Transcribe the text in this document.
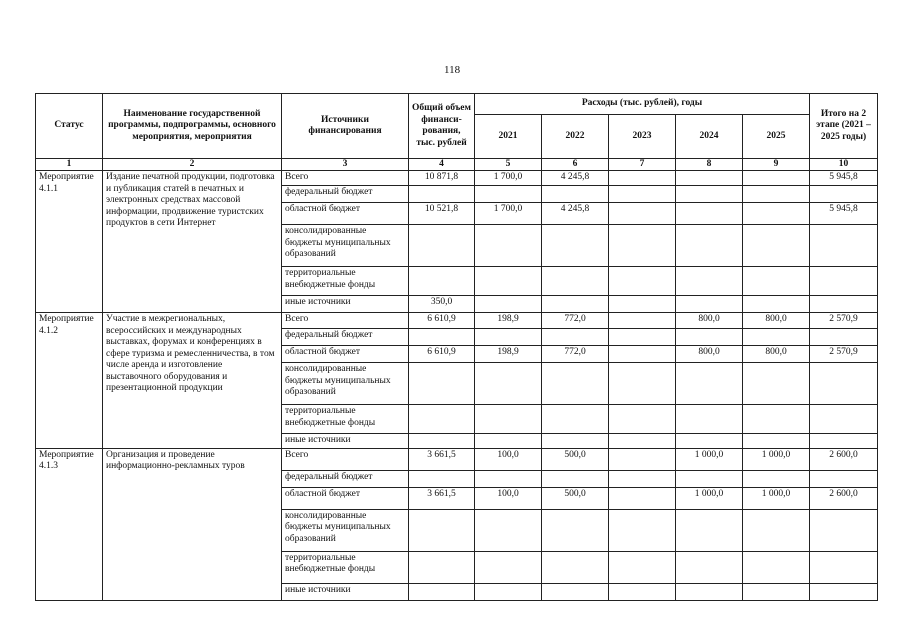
118
Статус	Наименование государственной программы, подпрограммы, основного мероприятия, мероприятия	Источники финансирования	Общий объем финанси-рования, тыс. рублей	Расходы (тыс. рублей), годы					Итого на 2 этапе (2021 – 2025 годы)
				2021	2022	2023	2024	2025	
1	2	3	4	5	6	7	8	9	10
Мероприятие 4.1.1	Издание печатной продукции, подготовка и публикация статей в печатных и электронных средствах массовой информации, продвижение туристских продуктов в сети Интернет	Всего	10 871,8	1 700,0	4 245,8				5 945,8
		федеральный бюджет							
		областной бюджет	10 521,8	1 700,0	4 245,8				5 945,8
		консолидированные бюджеты муниципальных образований							
		территориальные внебюджетные фонды							
		иные источники	350,0						
Мероприятие 4.1.2	Участие в межрегиональных, всероссийских и международных выставках, форумах и конференциях в сфере туризма и ремесленничества, в том числе аренда и изготовление выставочного оборудования и презентационной продукции	Всего	6 610,9	198,9	772,0		800,0	800,0	2 570,9
		федеральный бюджет							
		областной бюджет	6 610,9	198,9	772,0		800,0	800,0	2 570,9
		консолидированные бюджеты муниципальных образований							
		территориальные внебюджетные фонды							
		иные источники							
Мероприятие 4.1.3	Организация и проведение информационно-рекламных туров	Всего	3 661,5	100,0	500,0		1 000,0	1 000,0	2 600,0
		федеральный бюджет							
		областной бюджет	3 661,5	100,0	500,0		1 000,0	1 000,0	2 600,0
		консолидированные бюджеты муниципальных образований							
		территориальные внебюджетные фонды							
		иные источники							
